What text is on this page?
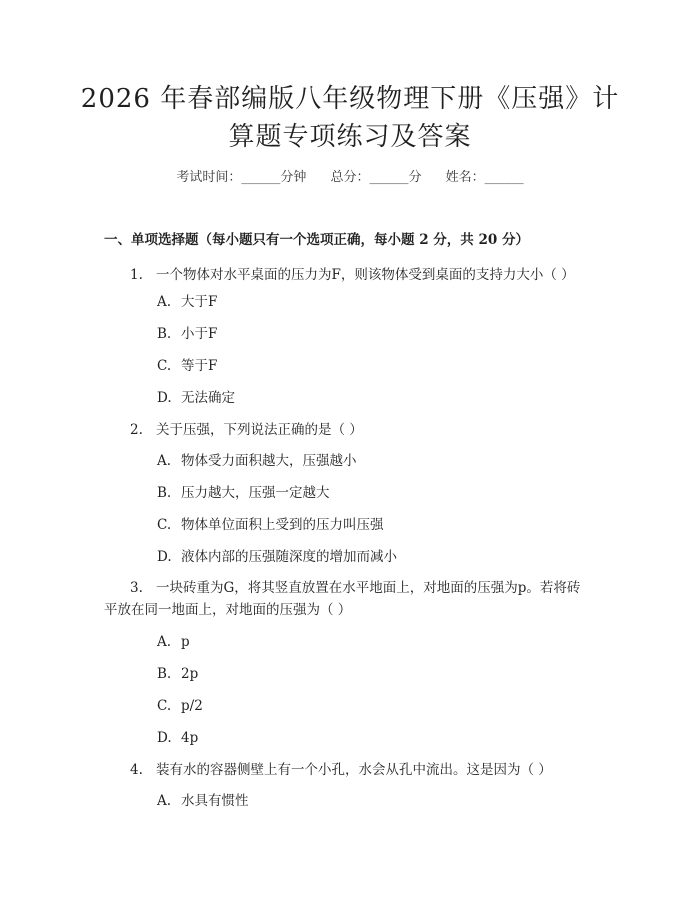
2026 年春部编版八年级物理下册《压强》计
算题专项练习及答案
考试时间：______分钟 总分：______分 姓名：______
一、单项选择题（每小题只有一个选项正确，每小题 2 分，共 20 分）
1. 一个物体对水平桌面的压力为F，则该物体受到桌面的支持力大小（ ）
A. 大于F
B. 小于F
C. 等于F
D. 无法确定
2. 关于压强，下列说法正确的是（ ）
A. 物体受力面积越大，压强越小
B. 压力越大，压强一定越大
C. 物体单位面积上受到的压力叫压强
D. 液体内部的压强随深度的增加而减小
3. 一块砖重为G，将其竖直放置在水平地面上，对地面的压强为p。若将砖
平放在同一地面上，对地面的压强为（ ）
A. p
B. 2p
C. p/2
D. 4p
4. 装有水的容器侧壁上有一个小孔，水会从孔中流出。这是因为（ ）
A. 水具有惯性
